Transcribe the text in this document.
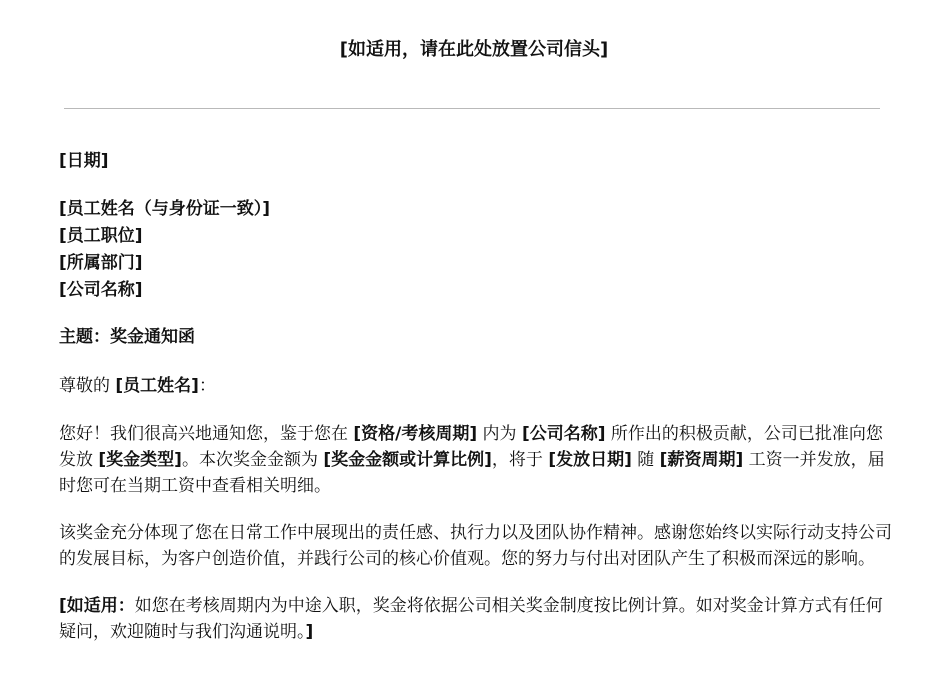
[如适用，请在此处放置公司信头]

[日期]

[员工姓名（与身份证一致）]
[员工职位]
[所属部门]
[公司名称]

主题：奖金通知函

尊敬的 [员工姓名]：

您好！我们很高兴地通知您，鉴于您在 [资格/考核周期] 内为 [公司名称] 所作出的积极贡献，公司已批准向您发放 [奖金类型]。本次奖金金额为 [奖金金额或计算比例]，将于 [发放日期] 随 [薪资周期] 工资一并发放，届时您可在当期工资中查看相关明细。

该奖金充分体现了您在日常工作中展现出的责任感、执行力以及团队协作精神。感谢您始终以实际行动支持公司的发展目标，为客户创造价值，并践行公司的核心价值观。您的努力与付出对团队产生了积极而深远的影响。

[如适用：如您在考核周期内为中途入职，奖金将依据公司相关奖金制度按比例计算。如对奖金计算方式有任何疑问，欢迎随时与我们沟通说明。]
